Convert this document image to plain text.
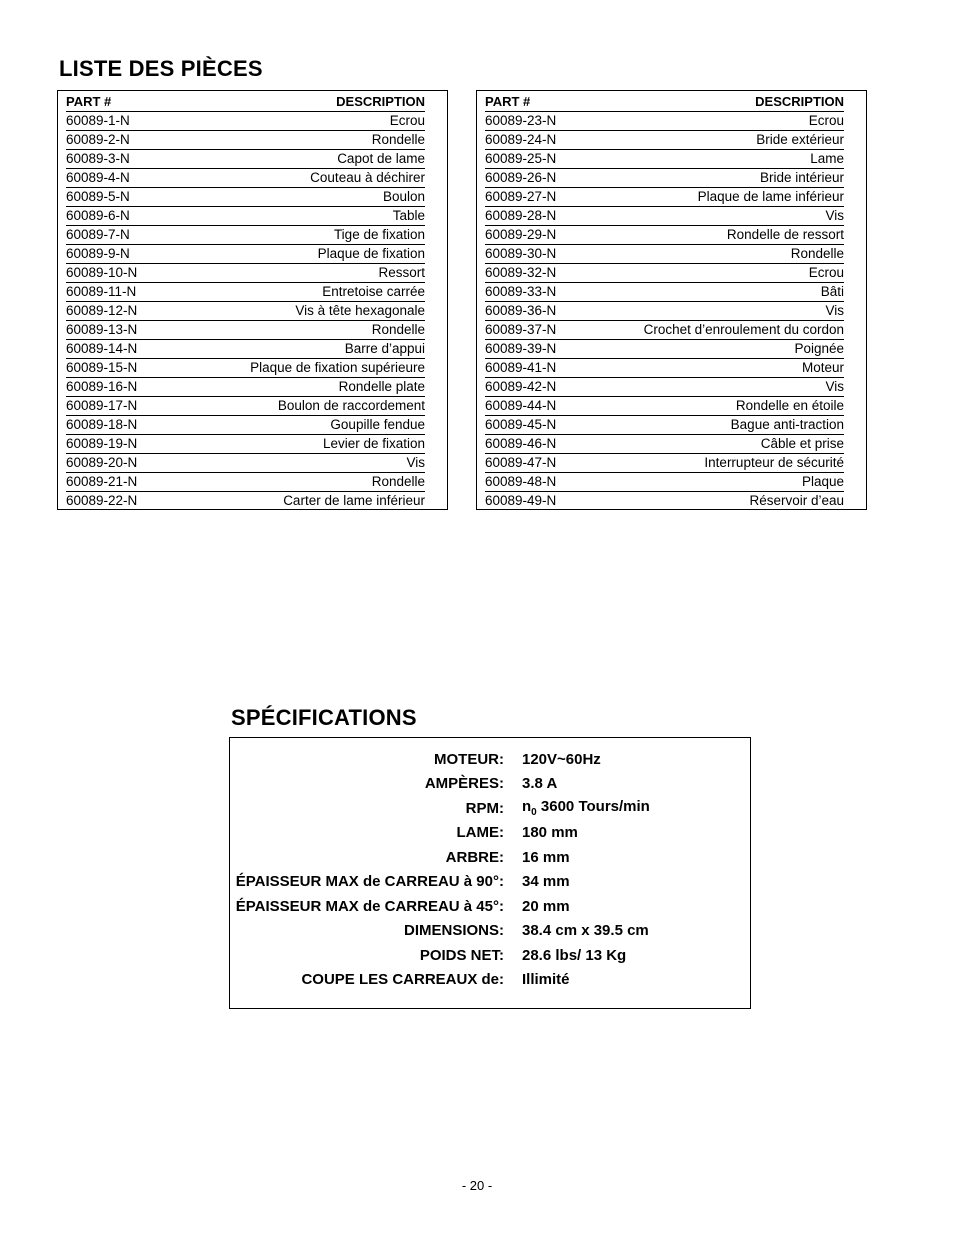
LISTE DES PIÈCES
PART #	DESCRIPTION
60089-1-N	Ecrou
60089-2-N	Rondelle
60089-3-N	Capot de lame
60089-4-N	Couteau à déchirer
60089-5-N	Boulon
60089-6-N	Table
60089-7-N	Tige de fixation
60089-9-N	Plaque de fixation
60089-10-N	Ressort
60089-11-N	Entretoise carrée
60089-12-N	Vis à tête hexagonale
60089-13-N	Rondelle
60089-14-N	Barre d’appui
60089-15-N	Plaque de fixation supérieure
60089-16-N	Rondelle plate
60089-17-N	Boulon de raccordement
60089-18-N	Goupille fendue
60089-19-N	Levier de fixation
60089-20-N	Vis
60089-21-N	Rondelle
60089-22-N	Carter de lame inférieur
PART #	DESCRIPTION
60089-23-N	Ecrou
60089-24-N	Bride extérieur
60089-25-N	Lame
60089-26-N	Bride intérieur
60089-27-N	Plaque de lame inférieur
60089-28-N	Vis
60089-29-N	Rondelle de ressort
60089-30-N	Rondelle
60089-32-N	Ecrou
60089-33-N	Bâti
60089-36-N	Vis
60089-37-N	Crochet d’enroulement du cordon
60089-39-N	Poignée
60089-41-N	Moteur
60089-42-N	Vis
60089-44-N	Rondelle en étoile
60089-45-N	Bague anti-traction
60089-46-N	Câble et prise
60089-47-N	Interrupteur de sécurité
60089-48-N	Plaque
60089-49-N	Réservoir d’eau
SPÉCIFICATIONS
MOTEUR:	120V~60Hz
AMPÈRES:	3.8 A
RPM:	$n_0$ 3600 Tours/min
LAME:	180 mm
ARBRE:	16 mm
ÉPAISSEUR MAX de CARREAU à 90°:	34 mm
ÉPAISSEUR MAX de CARREAU à 45°:	20 mm
DIMENSIONS:	38.4 cm x 39.5 cm
POIDS NET:	28.6 lbs/ 13 Kg
COUPE LES CARREAUX de:	Illimité
- 20 -
